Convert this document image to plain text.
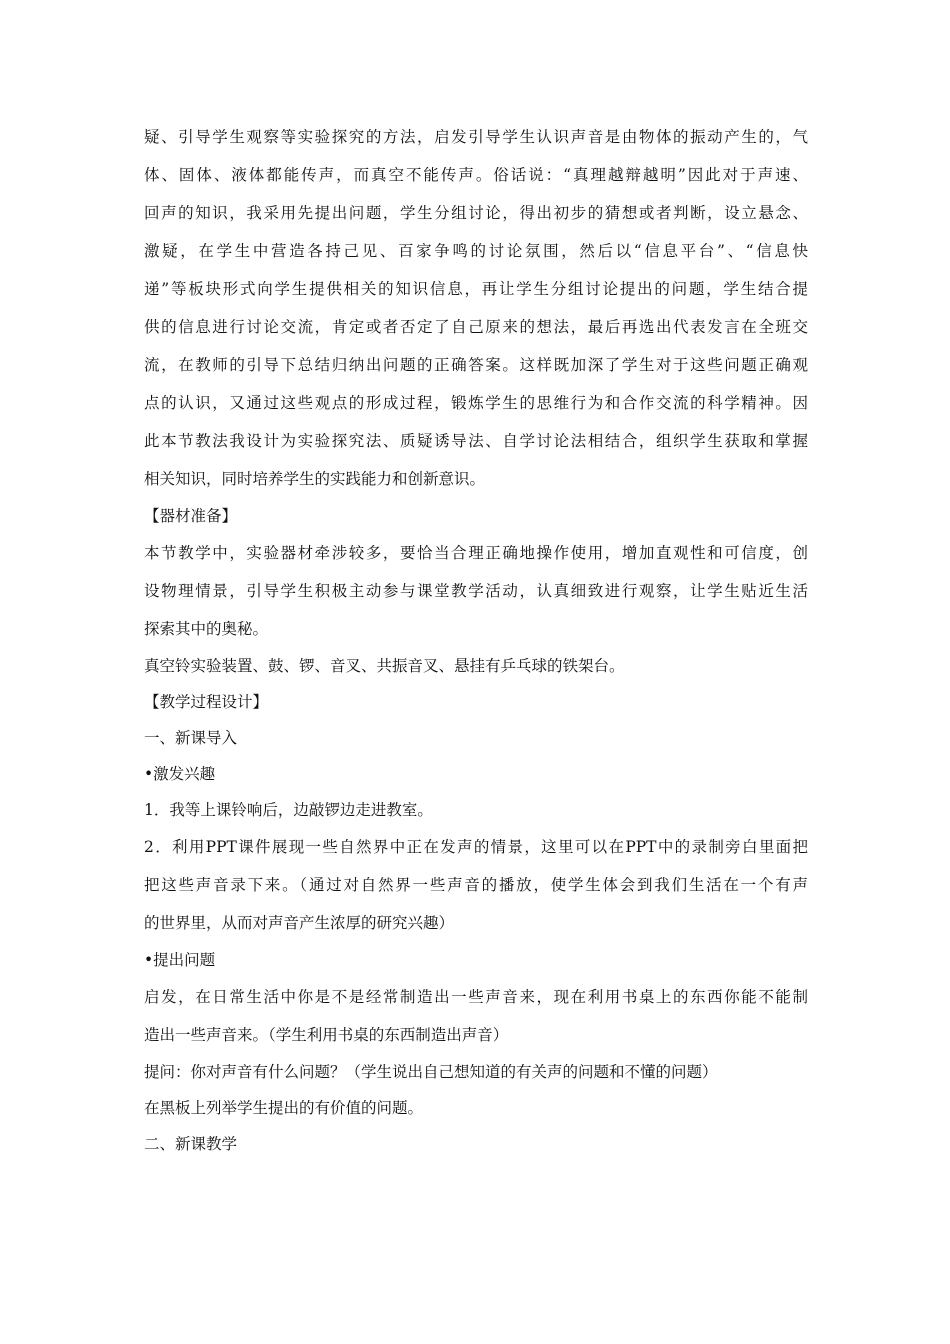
疑、引导学生观察等实验探究的方法，启发引导学生认识声音是由物体的振动产生的，气
体、固体、液体都能传声，而真空不能传声。俗话说：“真理越辩越明”因此对于声速、
回声的知识，我采用先提出问题，学生分组讨论，得出初步的猜想或者判断，设立悬念、
激疑，在学生中营造各持己见、百家争鸣的讨论氛围，然后以“信息平台”、“信息快
递”等板块形式向学生提供相关的知识信息，再让学生分组讨论提出的问题，学生结合提
供的信息进行讨论交流，肯定或者否定了自己原来的想法，最后再选出代表发言在全班交
流，在教师的引导下总结归纳出问题的正确答案。这样既加深了学生对于这些问题正确观
点的认识，又通过这些观点的形成过程，锻炼学生的思维行为和合作交流的科学精神。因
此本节教法我设计为实验探究法、质疑诱导法、自学讨论法相结合，组织学生获取和掌握
相关知识，同时培养学生的实践能力和创新意识。
【器材准备】
本节教学中，实验器材牵涉较多，要恰当合理正确地操作使用，增加直观性和可信度，创
设物理情景，引导学生积极主动参与课堂教学活动，认真细致进行观察，让学生贴近生活
探索其中的奥秘。
真空铃实验装置、鼓、锣、音叉、共振音叉、悬挂有乒乓球的铁架台。
【教学过程设计】
一、新课导入
•激发兴趣
1．我等上课铃响后，边敲锣边走进教室。
2．利用PPT课件展现一些自然界中正在发声的情景，这里可以在PPT中的录制旁白里面把
把这些声音录下来。（通过对自然界一些声音的播放，使学生体会到我们生活在一个有声
的世界里，从而对声音产生浓厚的研究兴趣）
•提出问题
启发，在日常生活中你是不是经常制造出一些声音来，现在利用书桌上的东西你能不能制
造出一些声音来。（学生利用书桌的东西制造出声音）
提问：你对声音有什么问题？（学生说出自己想知道的有关声的问题和不懂的问题）
在黑板上列举学生提出的有价值的问题。
二、新课教学
